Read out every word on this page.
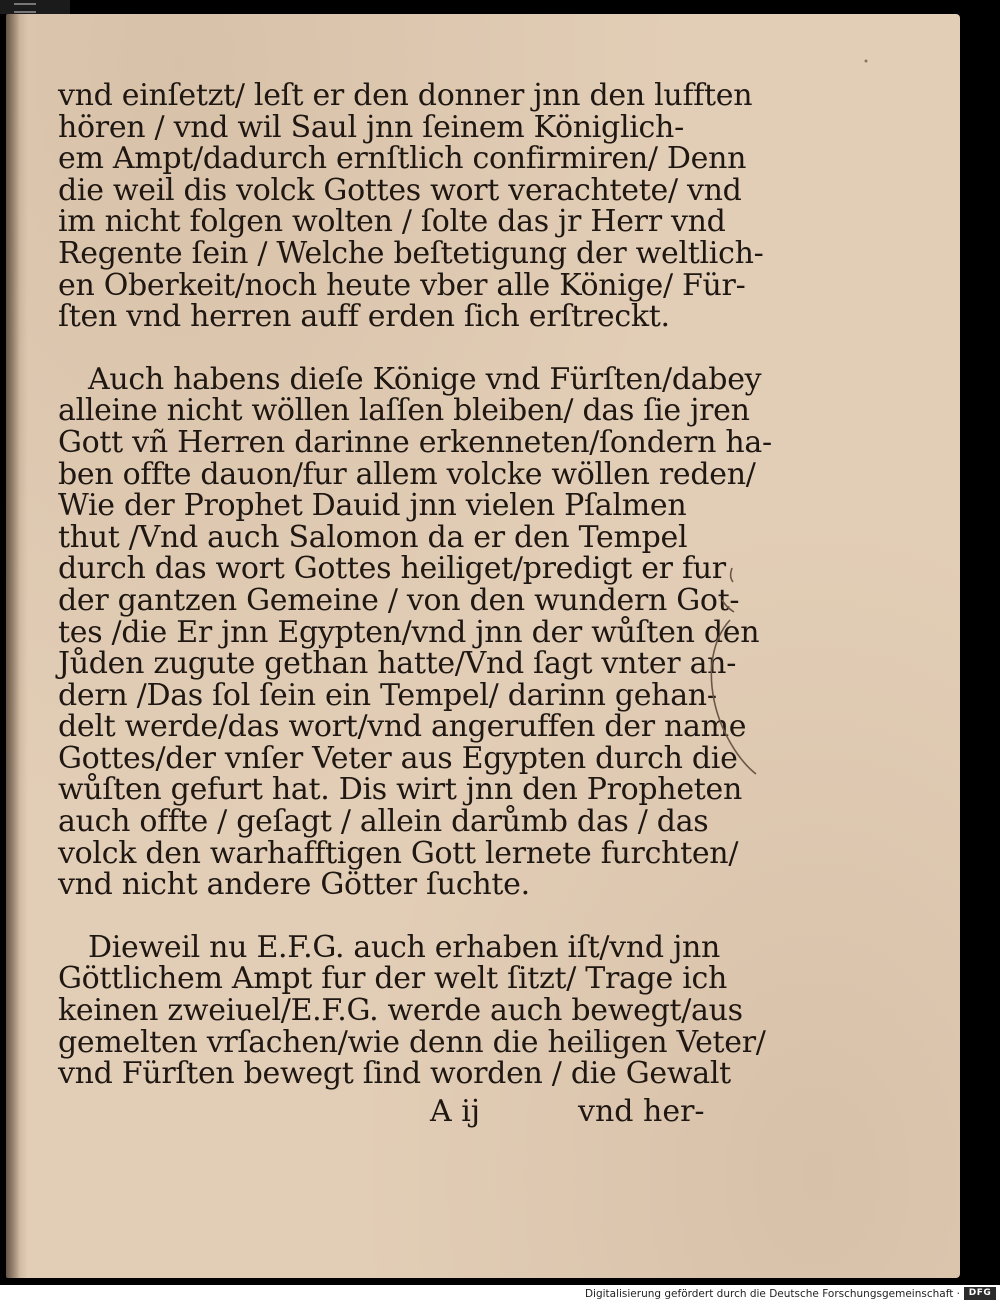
vnd einſetzt/ leſt er den donner jnn den lufften
hören / vnd wil Saul jnn ſeinem Königlich-
em Ampt/dadurch ernſtlich confirmiren/ Denn
die weil dis volck Gottes wort verachtete/ vnd
im nicht folgen wolten / ſolte das jr Herr vnd
Regente ſein / Welche beſtetigung der weltlich-
en Oberkeit/noch heute vber alle Könige/ Für-
ſten vnd herren auff erden ſich erſtreckt.
Auch habens dieſe Könige vnd Fürſten/dabey
alleine nicht wöllen laſſen bleiben/ das ſie jren
Gott vñ Herren darinne erkenneten/ſondern ha-
ben offte dauon/fur allem volcke wöllen reden/
Wie der Prophet Dauid jnn vielen Pſalmen
thut /Vnd auch Salomon da er den Tempel
durch das wort Gottes heiliget/predigt er fur
der gantzen Gemeine / von den wundern Got-
tes /die Er jnn Egypten/vnd jnn der wůſten den
Jůden zugute gethan hatte/Vnd ſagt vnter an-
dern /Das ſol ſein ein Tempel/ darinn gehan-
delt werde/das wort/vnd angeruffen der name
Gottes/der vnſer Veter aus Egypten durch die
wůſten gefurt hat. Dis wirt jnn den Propheten
auch offte / geſagt / allein darůmb das / das
volck den warhafftigen Gott lernete furchten/
vnd nicht andere Götter ſuchte.
Dieweil nu E.F.G. auch erhaben iſt/vnd jnn
Göttlichem Ampt fur der welt ſitzt/ Trage ich
keinen zweiuel/E.F.G. werde auch bewegt/aus
gemelten vrſachen/wie denn die heiligen Veter/
vnd Fürſten bewegt ſind worden / die Gewalt
A ij	vnd her-
Digitalisierung gefördert durch die Deutsche Forschungsgemeinschaft · DFG
